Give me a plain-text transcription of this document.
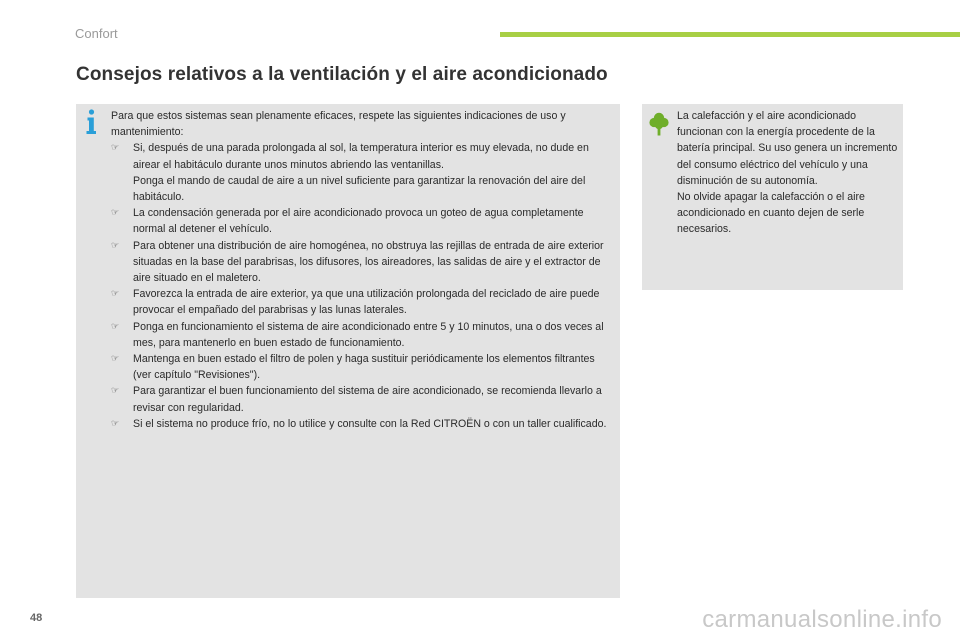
Confort
Consejos relativos a la ventilación y el aire acondicionado

Para que estos sistemas sean plenamente eficaces, respete las siguientes indicaciones de uso y mantenimiento:

☞ Si, después de una parada prolongada al sol, la temperatura interior es muy elevada, no dude en airear el habitáculo durante unos minutos abriendo las ventanillas.
Ponga el mando de caudal de aire a un nivel suficiente para garantizar la renovación del aire del habitáculo.
☞ La condensación generada por el aire acondicionado provoca un goteo de agua completamente normal al detener el vehículo.
☞ Para obtener una distribución de aire homogénea, no obstruya las rejillas de entrada de aire exterior situadas en la base del parabrisas, los difusores, los aireadores, las salidas de aire y el extractor de aire situado en el maletero.
☞ Favorezca la entrada de aire exterior, ya que una utilización prolongada del reciclado de aire puede provocar el empañado del parabrisas y las lunas laterales.
☞ Ponga en funcionamiento el sistema de aire acondicionado entre 5 y 10 minutos, una o dos veces al mes, para mantenerlo en buen estado de funcionamiento.
☞ Mantenga en buen estado el filtro de polen y haga sustituir periódicamente los elementos filtrantes (ver capítulo "Revisiones").
☞ Para garantizar el buen funcionamiento del sistema de aire acondicionado, se recomienda llevarlo a revisar con regularidad.
☞ Si el sistema no produce frío, no lo utilice y consulte con la Red CITROËN o con un taller cualificado.

La calefacción y el aire acondicionado funcionan con la energía procedente de la batería principal. Su uso genera un incremento del consumo eléctrico del vehículo y una disminución de su autonomía.

No olvide apagar la calefacción o el aire acondicionado en cuanto dejen de serle necesarios.

48	carmanualsonline.info
